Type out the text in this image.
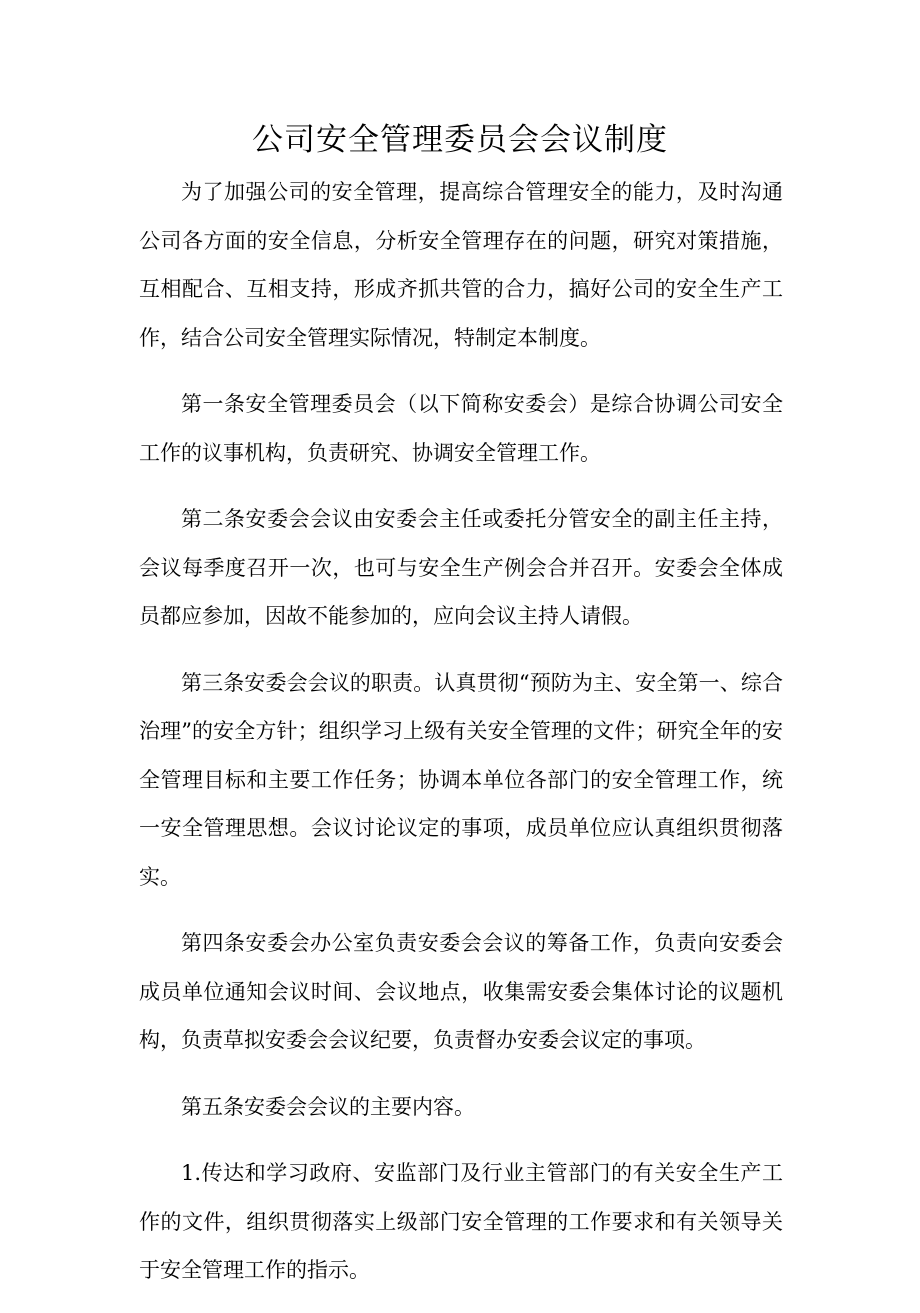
公司安全管理委员会会议制度

为了加强公司的安全管理，提高综合管理安全的能力，及时沟通公司各方面的安全信息，分析安全管理存在的问题，研究对策措施，互相配合、互相支持，形成齐抓共管的合力，搞好公司的安全生产工作，结合公司安全管理实际情况，特制定本制度。

第一条安全管理委员会（以下简称安委会）是综合协调公司安全工作的议事机构，负责研究、协调安全管理工作。

第二条安委会会议由安委会主任或委托分管安全的副主任主持，会议每季度召开一次，也可与安全生产例会合并召开。安委会全体成员都应参加，因故不能参加的，应向会议主持人请假。

第三条安委会会议的职责。认真贯彻“预防为主、安全第一、综合治理”的安全方针；组织学习上级有关安全管理的文件；研究全年的安全管理目标和主要工作任务；协调本单位各部门的安全管理工作，统一安全管理思想。会议讨论议定的事项，成员单位应认真组织贯彻落实。

第四条安委会办公室负责安委会会议的筹备工作，负责向安委会成员单位通知会议时间、会议地点，收集需安委会集体讨论的议题机构，负责草拟安委会会议纪要，负责督办安委会议定的事项。

第五条安委会会议的主要内容。

1.传达和学习政府、安监部门及行业主管部门的有关安全生产工作的文件，组织贯彻落实上级部门安全管理的工作要求和有关领导关于安全管理工作的指示。
